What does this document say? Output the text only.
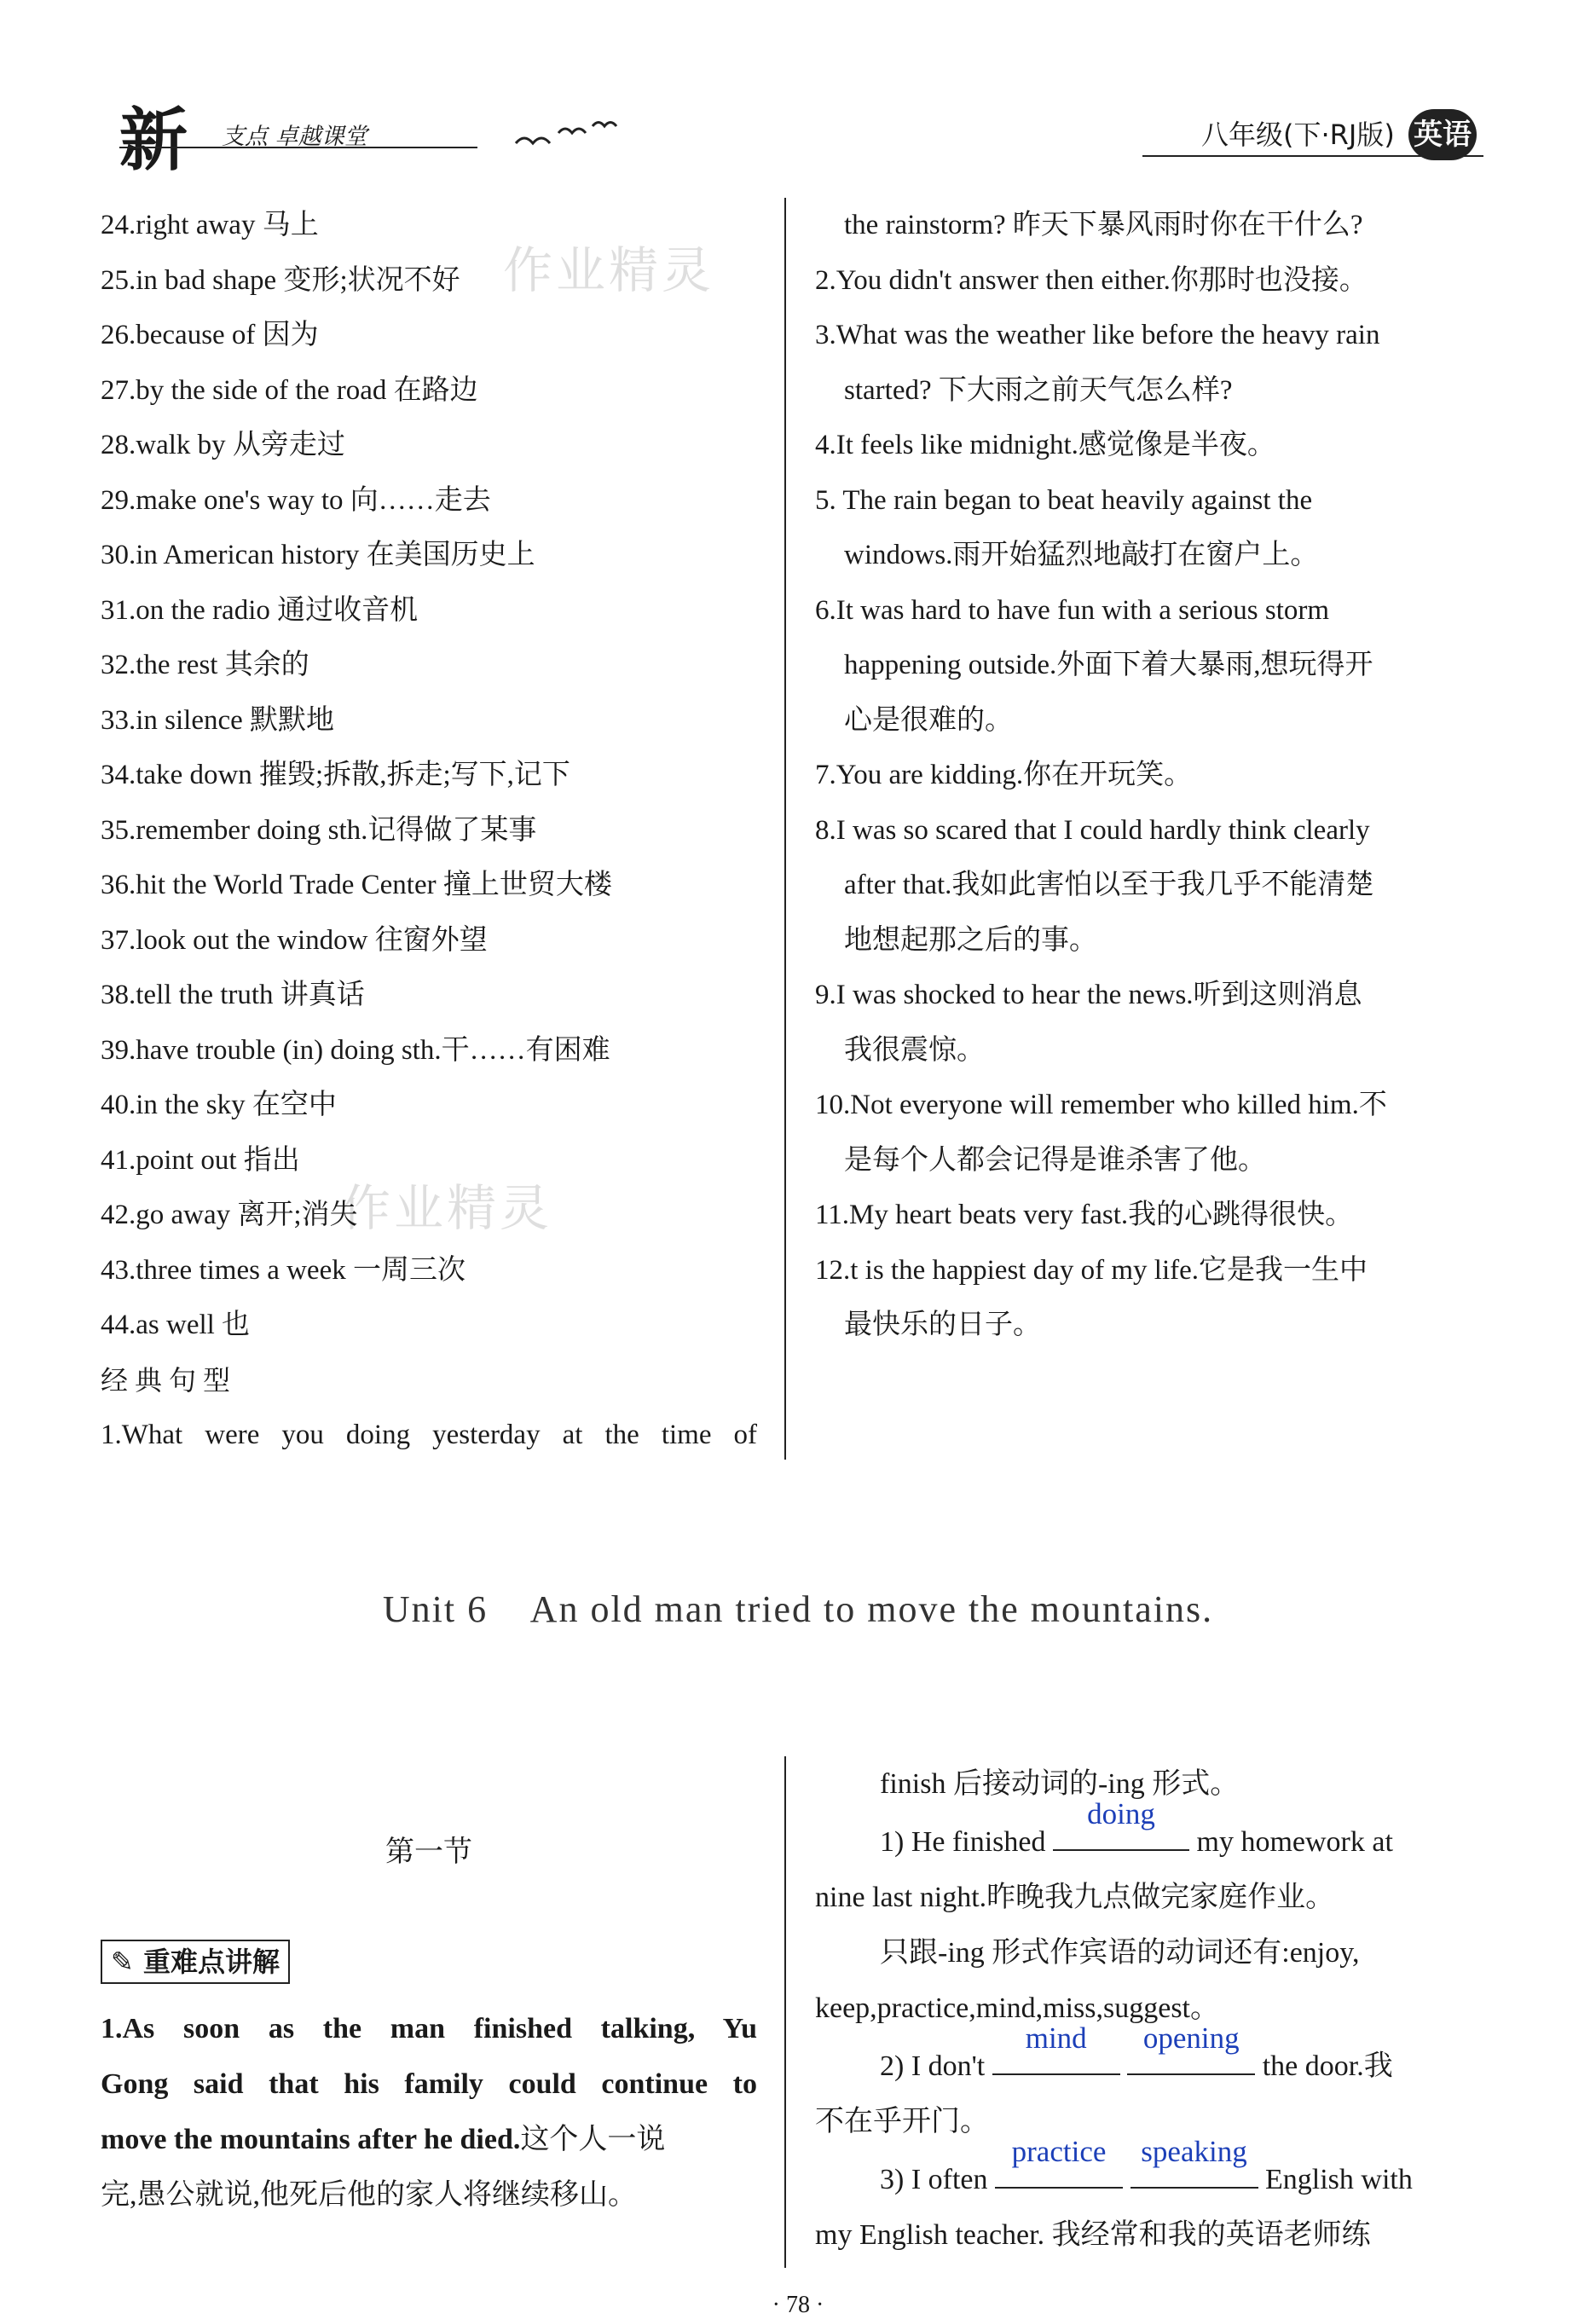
新 支点 卓越课堂	八年级(下·RJ版) 英语
作业精灵
作业精灵
24.right away 马上
25.in bad shape 变形;状况不好
26.because of 因为
27.by the side of the road 在路边
28.walk by 从旁走过
29.make one's way to 向……走去
30.in American history 在美国历史上
31.on the radio 通过收音机
32.the rest 其余的
33.in silence 默默地
34.take down 摧毁;拆散,拆走;写下,记下
35.remember doing sth.记得做了某事
36.hit the World Trade Center 撞上世贸大楼
37.look out the window 往窗外望
38.tell the truth 讲真话
39.have trouble (in) doing sth.干……有困难
40.in the sky 在空中
41.point out 指出
42.go away 离开;消失
43.three times a week 一周三次
44.as well 也
经典句型
1.What were you doing yesterday at the time of
the rainstorm? 昨天下暴风雨时你在干什么?
2.You didn't answer then either.你那时也没接。
3.What was the weather like before the heavy rain
started? 下大雨之前天气怎么样?
4.It feels like midnight.感觉像是半夜。
5. The rain began to beat heavily against the
windows.雨开始猛烈地敲打在窗户上。
6.It was hard to have fun with a serious storm
happening outside.外面下着大暴雨,想玩得开
心是很难的。
7.You are kidding.你在开玩笑。
8.I was so scared that I could hardly think clearly
after that.我如此害怕以至于我几乎不能清楚
地想起那之后的事。
9.I was shocked to hear the news.听到这则消息
我很震惊。
10.Not everyone will remember who killed him.不
是每个人都会记得是谁杀害了他。
11.My heart beats very fast.我的心跳得很快。
12.t is the happiest day of my life.它是我一生中
最快乐的日子。
Unit 6    An old man tried to move the mountains.
第一节
✎ 重难点讲解
1.As soon as the man finished talking, Yu
Gong said that his family could continue to
move the mountains after he died.这个人一说
完,愚公就说,他死后他的家人将继续移山。
finish 后接动词的-ing 形式。
1) He finished
doing
my homework at
nine last night.昨晚我九点做完家庭作业。
只跟-ing 形式作宾语的动词还有:enjoy,
keep,practice,mind,miss,suggest。
2) I don't
mind
	opening
the door.我
不在乎开门。
3) I often
practice
	speaking
English with
my English teacher. 我经常和我的英语老师练
· 78 ·
